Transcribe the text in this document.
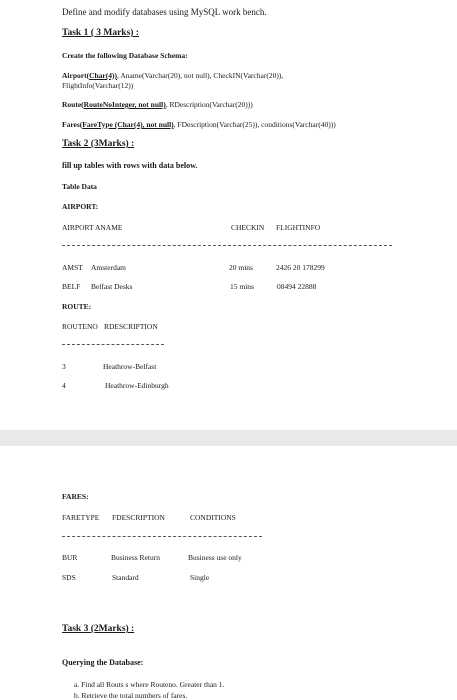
Define and modify databases using MySQL work bench.
Task 1 ( 3 Marks) :
Create the following Database Schema:
Airport(Char(4)), Aname(Varchar(20), not null), CheckIN(Varchar(20)),
FlightInfo(Varchar(12))
Route(RouteNoInteger, not null), RDescription(Varchar(20)))
Fares(FareType (Char(4), not null), FDescription(Varchar(25)), conditions(Varchar(40)))
Task 2 (3Marks) :
fill up tables with rows with data below.
Table Data
AIRPORT:
AIRPORT ANAME	CHECKIN FLIGHTINFO
AMST Amsterdam	20 mins	2426 20 178299
BELF Belfast Desks	15 mins	08494 22888
ROUTE:
ROUTENO RDESCRIPTION
3	Heathrow-Belfast
4	Heathrow-Edinburgh
FARES:
FARETYPE FDESCRIPTION	CONDITIONS
BUR	Business Return	Business use only
SDS	Standard	Single
Task 3 (2Marks) :
Querying the Database:
a. Find all Routs s where Routeno. Greater than 1.
b. Retrieve the total numbers of fares.
